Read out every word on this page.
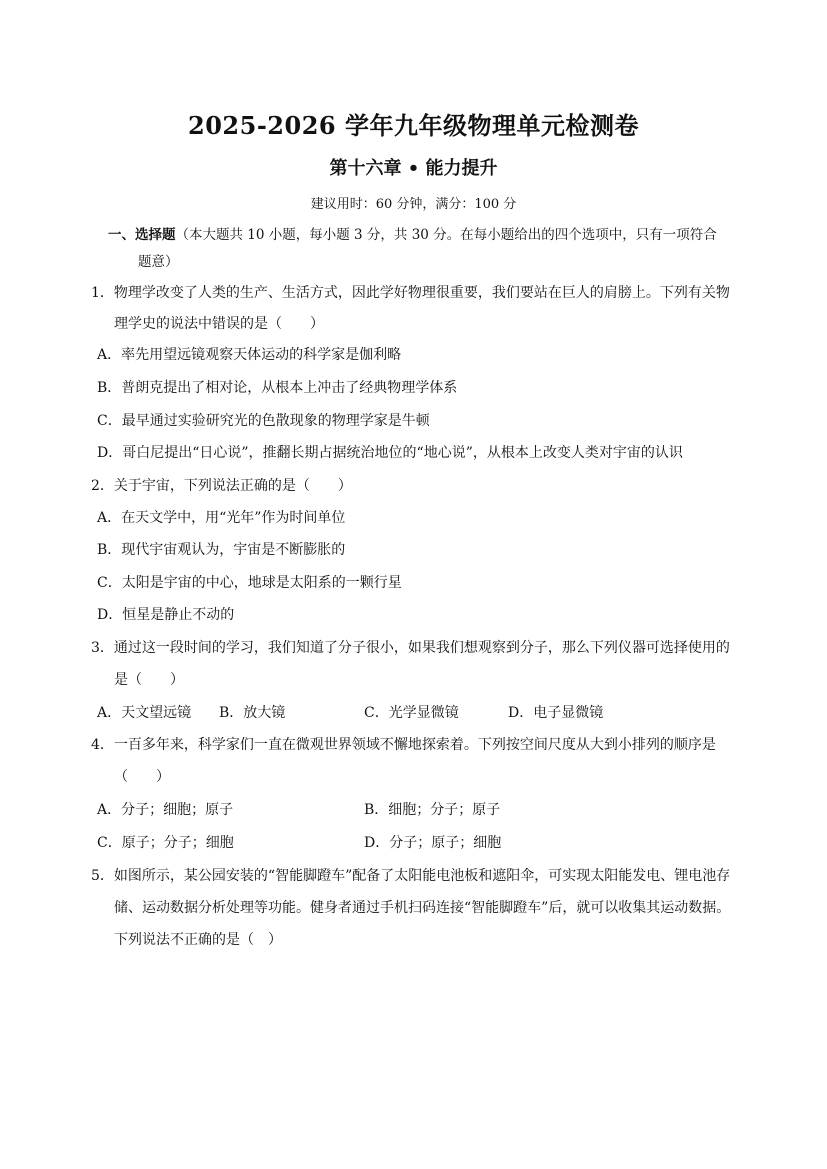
2025-2026 学年九年级物理单元检测卷
第十六章 • 能力提升
建议用时：60 分钟，满分：100 分
一、选择题（本大题共 10 小题，每小题 3 分，共 30 分。在每小题给出的四个选项中，只有一项符合
题意）
1．物理学改变了人类的生产、生活方式，因此学好物理很重要，我们要站在巨人的肩膀上。下列有关物
理学史的说法中错误的是（　　）
A．率先用望远镜观察天体运动的科学家是伽利略
B．普朗克提出了相对论，从根本上冲击了经典物理学体系
C．最早通过实验研究光的色散现象的物理学家是牛顿
D．哥白尼提出“日心说”，推翻长期占据统治地位的“地心说”，从根本上改变人类对宇宙的认识
2．关于宇宙，下列说法正确的是（　　）
A．在天文学中，用“光年”作为时间单位
B．现代宇宙观认为，宇宙是不断膨胀的
C．太阳是宇宙的中心，地球是太阳系的一颗行星
D．恒星是静止不动的
3．通过这一段时间的学习，我们知道了分子很小，如果我们想观察到分子，那么下列仪器可选择使用的
是（　　）
A．天文望远镜 B．放大镜	C．光学显微镜	D．电子显微镜
4．一百多年来，科学家们一直在微观世界领域不懈地探索着。下列按空间尺度从大到小排列的顺序是
（　　）
A．分子；细胞；原子	B．细胞；分子；原子
C．原子；分子；细胞	D．分子；原子；细胞
5．如图所示，某公园安装的“智能脚蹬车”配备了太阳能电池板和遮阳伞，可实现太阳能发电、锂电池存
储、运动数据分析处理等功能。健身者通过手机扫码连接“智能脚蹬车”后，就可以收集其运动数据。
下列说法不正确的是（　）
